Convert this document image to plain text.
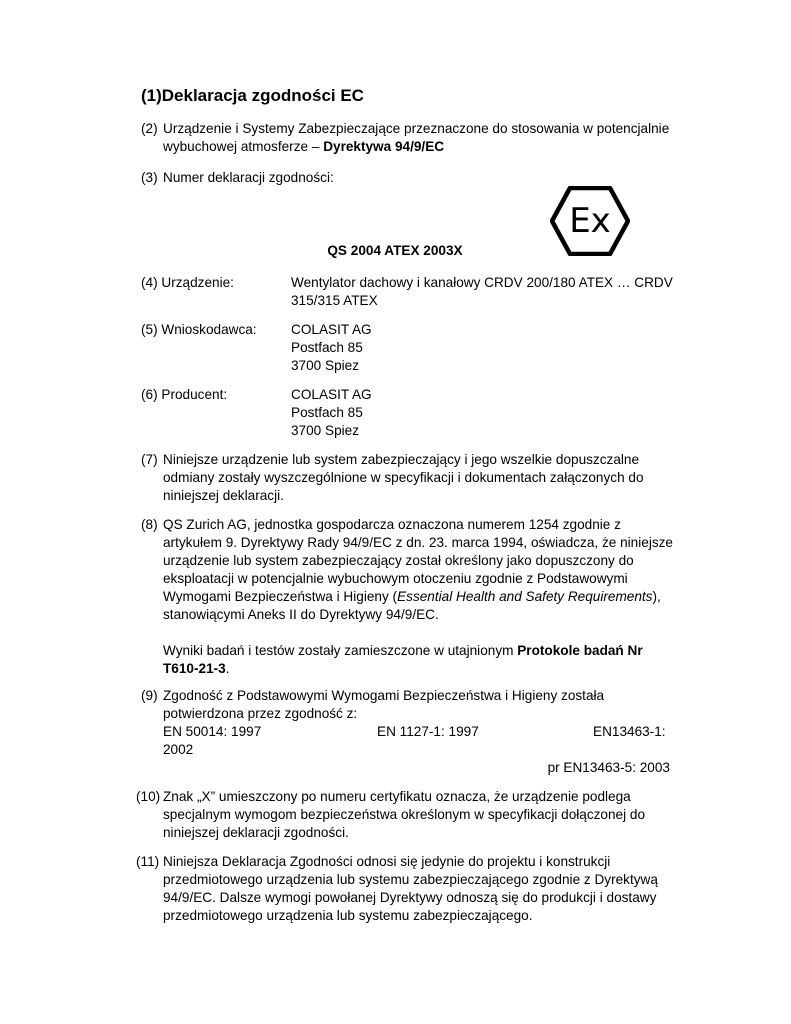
(1)Deklaracja zgodności EC
(2) Urządzenie i Systemy Zabezpieczające przeznaczone do stosowania w potencjalnie wybuchowej atmosferze – Dyrektywa 94/9/EC
(3) Numer deklaracji zgodności:
Ex
QS 2004 ATEX 2003X
(4) Urządzenie:	Wentylator dachowy i kanałowy CRDV 200/180 ATEX … CRDV 315/315 ATEX
(5) Wnioskodawca:	COLASIT AG
Postfach 85
3700 Spiez
(6) Producent:	COLASIT AG
Postfach 85
3700 Spiez
(7) Niniejsze urządzenie lub system zabezpieczający i jego wszelkie dopuszczalne odmiany zostały wyszczególnione w specyfikacji i dokumentach załączonych do niniejszej deklaracji.
(8) QS Zurich AG, jednostka gospodarcza oznaczona numerem 1254 zgodnie z artykułem 9. Dyrektywy Rady 94/9/EC z dn. 23. marca 1994, oświadcza, że niniejsze urządzenie lub system zabezpieczający został określony jako dopuszczony do eksploatacji w potencjalnie wybuchowym otoczeniu zgodnie z Podstawowymi Wymogami Bezpieczeństwa i Higieny (Essential Health and Safety Requirements), stanowiącymi Aneks II do Dyrektywy 94/9/EC.
Wyniki badań i testów zostały zamieszczone w utajnionym Protokole badań Nr T610-21-3.
(9) Zgodność z Podstawowymi Wymogami Bezpieczeństwa i Higieny została potwierdzona przez zgodność z:
EN 50014: 1997	EN 1127-1: 1997	EN13463-1:
2002
pr EN13463-5: 2003
(10) Znak „X” umieszczony po numeru certyfikatu oznacza, że urządzenie podlega specjalnym wymogom bezpieczeństwa określonym w specyfikacji dołączonej do niniejszej deklaracji zgodności.
(11) Niniejsza Deklaracja Zgodności odnosi się jedynie do projektu i konstrukcji przedmiotowego urządzenia lub systemu zabezpieczającego zgodnie z Dyrektywą 94/9/EC. Dalsze wymogi powołanej Dyrektywy odnoszą się do produkcji i dostawy przedmiotowego urządzenia lub systemu zabezpieczającego.
